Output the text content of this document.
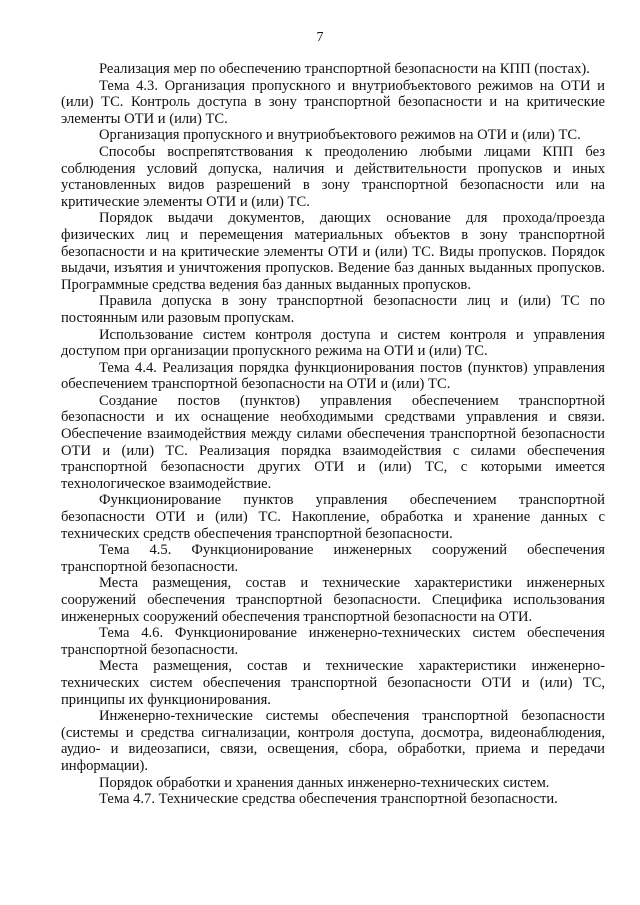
7

Реализация мер по обеспечению транспортной безопасности на КПП (постах).

Тема 4.3. Организация пропускного и внутриобъектового режимов на ОТИ и (или) ТС. Контроль доступа в зону транспортной безопасности и на критические элементы ОТИ и (или) ТС.

Организация пропускного и внутриобъектового режимов на ОТИ и (или) ТС.

Способы воспрепятствования к преодолению любыми лицами КПП без соблюдения условий допуска, наличия и действительности пропусков и иных установленных видов разрешений в зону транспортной безопасности или на критические элементы ОТИ и (или) ТС.

Порядок выдачи документов, дающих основание для прохода/проезда физических лиц и перемещения материальных объектов в зону транспортной безопасности и на критические элементы ОТИ и (или) ТС. Виды пропусков. Порядок выдачи, изъятия и уничтожения пропусков. Ведение баз данных выданных пропусков. Программные средства ведения баз данных выданных пропусков.

Правила допуска в зону транспортной безопасности лиц и (или) ТС по постоянным или разовым пропускам.

Использование систем контроля доступа и систем контроля и управления доступом при организации пропускного режима на ОТИ и (или) ТС.

Тема 4.4. Реализация порядка функционирования постов (пунктов) управления обеспечением транспортной безопасности на ОТИ и (или) ТС.

Создание постов (пунктов) управления обеспечением транспортной безопасности и их оснащение необходимыми средствами управления и связи. Обеспечение взаимодействия между силами обеспечения транспортной безопасности ОТИ и (или) ТС. Реализация порядка взаимодействия с силами обеспечения транспортной безопасности других ОТИ и (или) ТС, с которыми имеется технологическое взаимодействие.

Функционирование пунктов управления обеспечением транспортной безопасности ОТИ и (или) ТС. Накопление, обработка и хранение данных с технических средств обеспечения транспортной безопасности.

Тема 4.5. Функционирование инженерных сооружений обеспечения транспортной безопасности.

Места размещения, состав и технические характеристики инженерных сооружений обеспечения транспортной безопасности. Специфика использования инженерных сооружений обеспечения транспортной безопасности на ОТИ.

Тема 4.6. Функционирование инженерно-технических систем обеспечения транспортной безопасности.

Места размещения, состав и технические характеристики инженерно-технических систем обеспечения транспортной безопасности ОТИ и (или) ТС, принципы их функционирования.

Инженерно-технические системы обеспечения транспортной безопасности (системы и средства сигнализации, контроля доступа, досмотра, видеонаблюдения, аудио- и видеозаписи, связи, освещения, сбора, обработки, приема и передачи информации).

Порядок обработки и хранения данных инженерно-технических систем.

Тема 4.7. Технические средства обеспечения транспортной безопасности.
